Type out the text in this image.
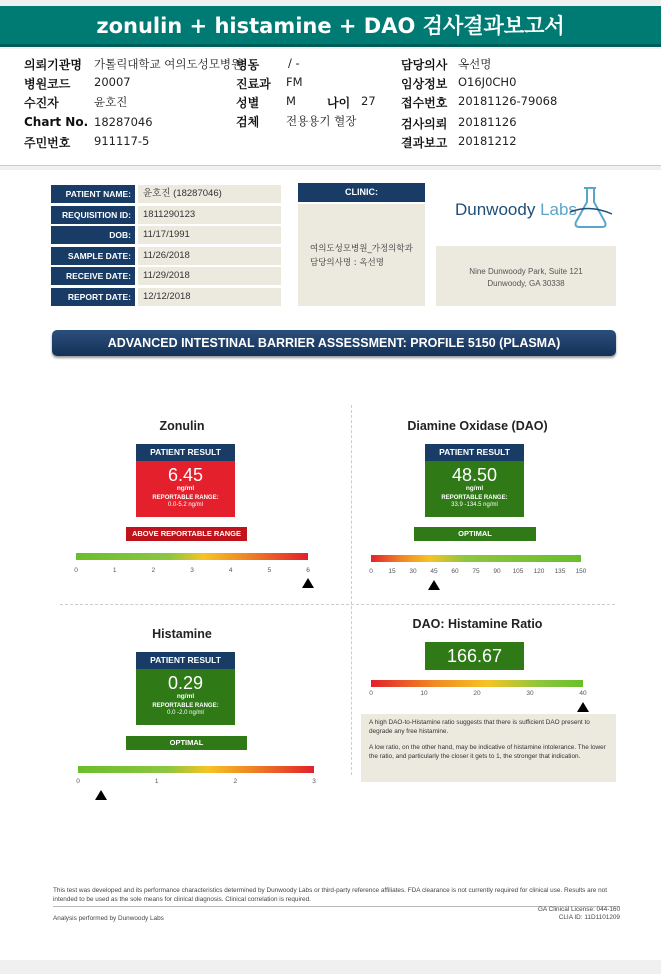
zonulin + histamine + DAO 검사결과보고서
의뢰기관명 가톨릭대학교 여의도성모병원
병동	/ -	담당의사 옥선명
병원코드 20007	진료과 FM	임상정보 O16J0CH0
수진자	윤호진	성별 M	나이 27 접수번호 20181126-79068
Chart No. 18287046	검체 전용용기 혈장	검사의뢰 20181126
주민번호 911117-5	결과보고 20181212
PATIENT NAME:	윤호진 (18287046)
REQUISITION ID:	1811290123
DOB:	11/17/1991
SAMPLE DATE:	11/26/2018
RECEIVE DATE:	11/29/2018
REPORT DATE:	12/12/2018
CLINIC:
여의도성모병원_가정의학과
담당의사명 : 옥선명
Dunwoody Labs
Nine Dunwoody Park, Suite 121
Dunwoody, GA 30338
ADVANCED INTESTINAL BARRIER ASSESSMENT: PROFILE 5150 (PLASMA)
Zonulin
PATIENT RESULT
6.45
ng/ml
REPORTABLE RANGE:
0.0-5.2 ng/ml
ABOVE REPORTABLE RANGE
0	1	2	3	4	5	6
Diamine Oxidase (DAO)
PATIENT RESULT
48.50
ng/ml
REPORTABLE RANGE:
33.9 -134.5 ng/ml
OPTIMAL
0 15 30 45 60 75 90 105 120 135 150
Histamine
PATIENT RESULT
0.29
ng/ml
REPORTABLE RANGE:
0.0 -2.0 ng/ml
OPTIMAL
0	1	2	3
DAO: Histamine Ratio
166.67
0	10	20	30	40

A high DAO-to-Histamine ratio suggests that there is sufficient DAO present to degrade any free histamine.

A low ratio, on the other hand, may be indicative of histamine intolerance. The lower the ratio, and particularly the closer it gets to 1, the stronger that indication.

This test was developed and its performance characteristics determined by Dunwoody Labs or third-party reference affiliates. FDA clearance is not currently required for clinical use. Results are not intended to be used as the sole means for clinical diagnosis. Clinical correlation is required.
Analysis performed by Dunwoody Labs
GA Clinical License: 044-160
CLIA ID: 11D1101209
